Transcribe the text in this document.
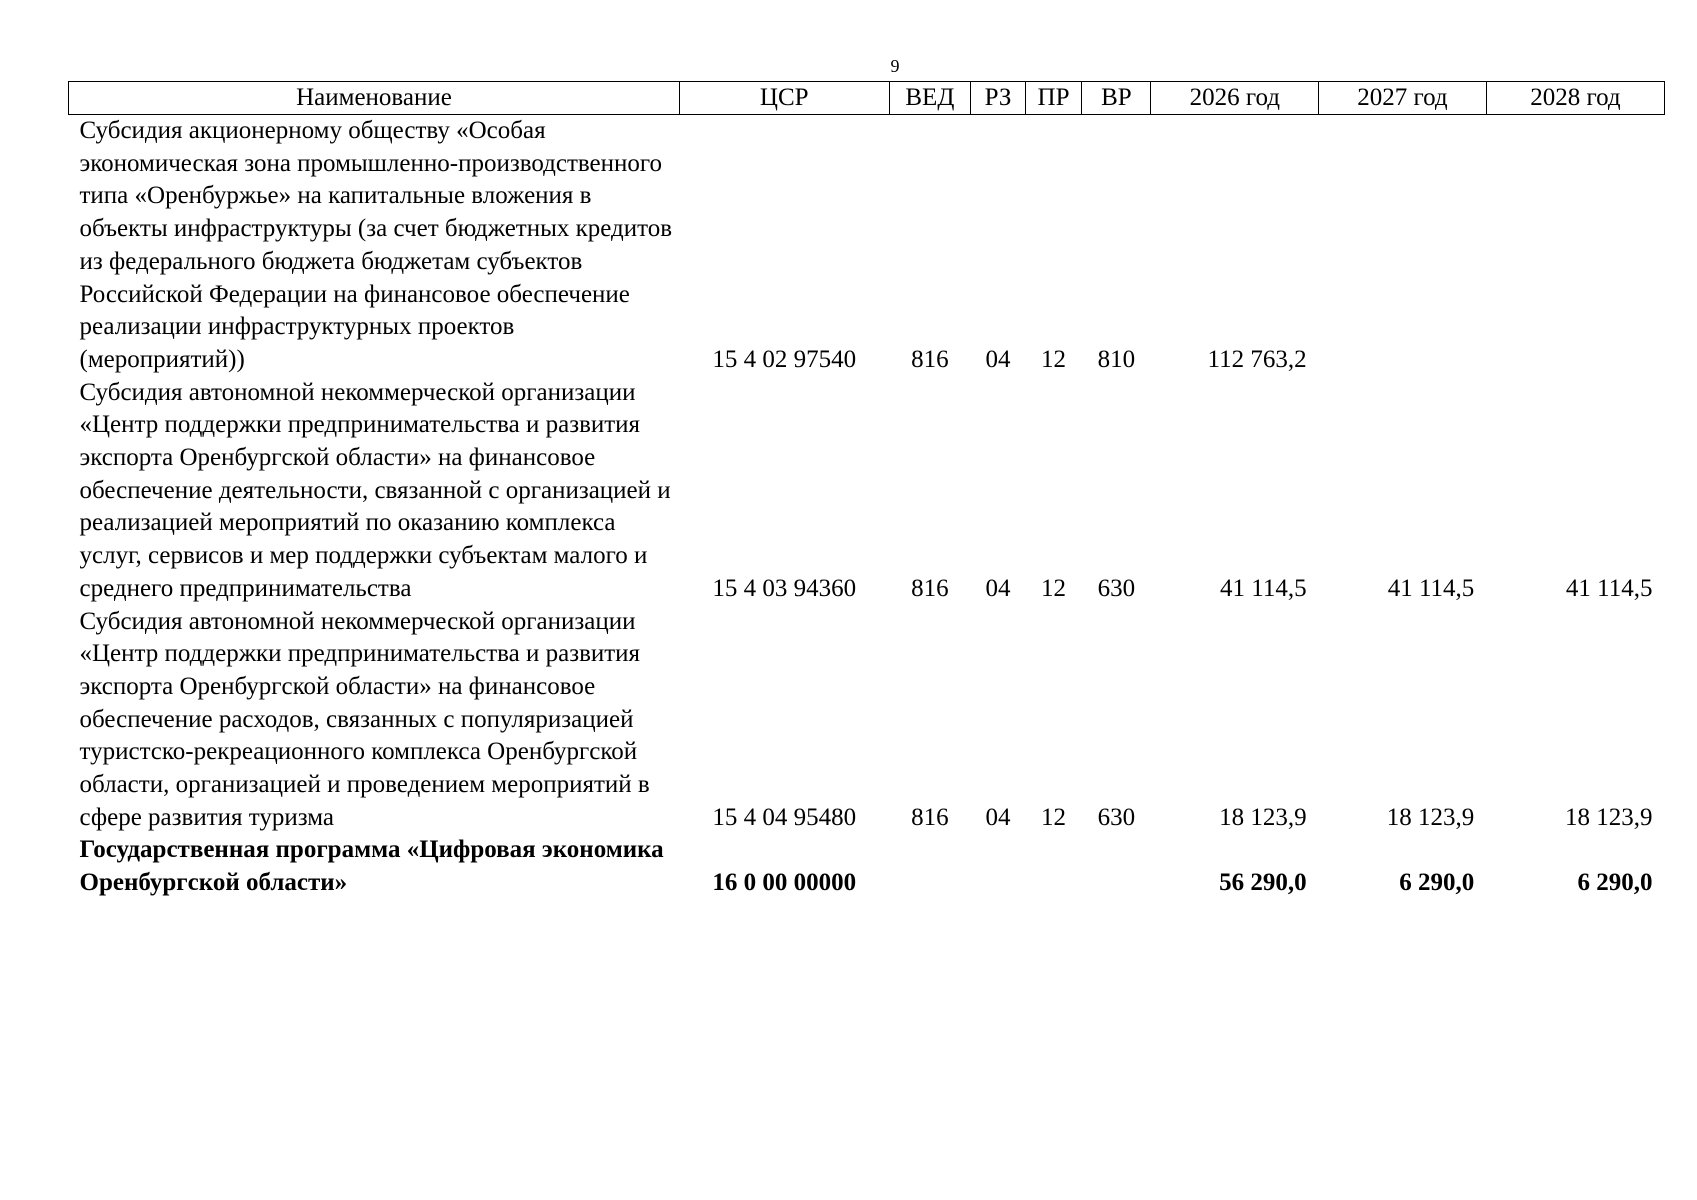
9
Наименование	ЦСР	ВЕД	РЗ	ПР	ВР	2026 год	2027 год	2028 год
Субсидия акционерному обществу «Особая экономическая зона промышленно-производственного типа «Оренбуржье» на капитальные вложения в объекты инфраструктуры (за счет бюджетных кредитов из федерального бюджета бюджетам субъектов Российской Федерации на финансовое обеспечение реализации инфраструктурных проектов (мероприятий))	15 4 02 97540	816	04	12	810	112 763,2		
Субсидия автономной некоммерческой организации «Центр поддержки предпринимательства и развития экспорта Оренбургской области» на финансовое обеспечение деятельности, связанной с организацией и реализацией мероприятий по оказанию комплекса услуг, сервисов и мер поддержки субъектам малого и среднего предпринимательства	15 4 03 94360	816	04	12	630	41 114,5	41 114,5	41 114,5
Субсидия автономной некоммерческой организации «Центр поддержки предпринимательства и развития экспорта Оренбургской области» на финансовое обеспечение расходов, связанных с популяризацией туристско-рекреационного комплекса Оренбургской области, организацией и проведением мероприятий в сфере развития туризма	15 4 04 95480	816	04	12	630	18 123,9	18 123,9	18 123,9
Государственная программа «Цифровая экономика Оренбургской области»	16 0 00 00000					56 290,0	6 290,0	6 290,0
